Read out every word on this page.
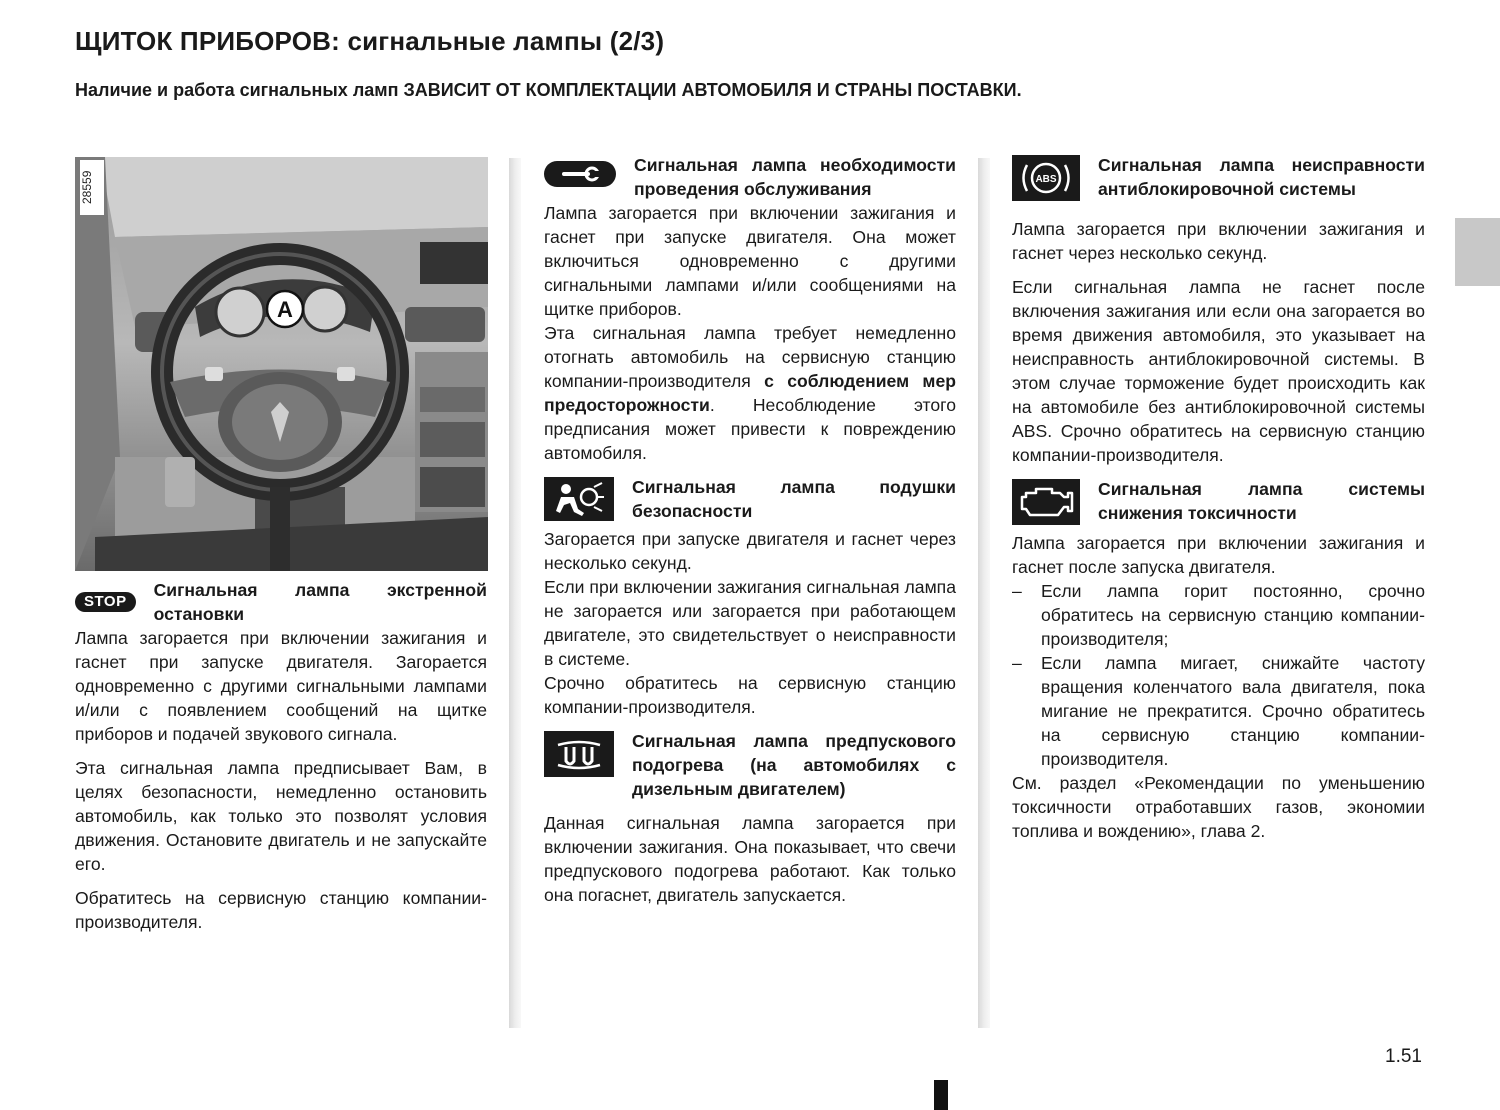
ЩИТОК ПРИБОРОВ: сигнальные лампы (2/3)
Наличие и работа сигнальных ламп ЗАВИСИТ ОТ КОМПЛЕКТАЦИИ АВТОМОБИЛЯ И СТРАНЫ ПОСТАВКИ.
A
28559
STOP
Сигнальная лампа экстренной остановки

Лампа загорается при включении зажигания и гаснет при запуске двигателя. Загорается одновременно с другими сигнальными лампами и/или с появлением сообщений на щитке приборов и подачей звукового сигнала.

Эта сигнальная лампа предписывает Вам, в целях безопасности, немедленно остановить автомобиль, как только это позволят условия движения. Остановите двигатель и не запускайте его.

Обратитесь на сервисную станцию компании-производителя.

Сигнальная лампа необходимости проведения обслуживания

Лампа загорается при включении зажигания и гаснет при запуске двигателя. Она может включиться одновременно с другими сигнальными лампами и/или сообщениями на щитке приборов.

Эта сигнальная лампа требует немедленно отогнать автомобиль на сервисную станцию компании-производителя с соблюдением мер предосторожности. Несоблюдение этого предписания может привести к повреждению автомобиля.

Сигнальная лампа подушки безопасности

Загорается при запуске двигателя и гаснет через несколько секунд.

Если при включении зажигания сигнальная лампа не загорается или загорается при работающем двигателе, это свидетельствует о неисправности в системе.

Срочно обратитесь на сервисную станцию компании-производителя.

Сигнальная лампа предпускового подогрева (на автомобилях с дизельным двигателем)

Данная сигнальная лампа загорается при включении зажигания. Она показывает, что свечи предпускового подогрева работают. Как только она погаснет, двигатель запускается.

ABS
Сигнальная лампа неисправности антиблокировочной системы

Лампа загорается при включении зажигания и гаснет через несколько секунд.

Если сигнальная лампа не гаснет после включения зажигания или если она загорается во время движения автомобиля, это указывает на неисправность антиблокировочной системы. В этом случае торможение будет происходить как на автомобиле без антиблокировочной системы ABS. Срочно обратитесь на сервисную станцию компании-производителя.

Сигнальная лампа системы снижения токсичности

Лампа загорается при включении зажигания и гаснет после запуска двигателя.

–	Если лампа горит постоянно, срочно обратитесь на сервисную станцию компании-производителя;
–	Если лампа мигает, снижайте частоту вращения коленчатого вала двигателя, пока мигание не прекратится. Срочно обратитесь на сервисную станцию компании-производителя.

См. раздел «Рекомендации по уменьшению токсичности отработавших газов, экономии топлива и вождению», глава 2.

1.51
